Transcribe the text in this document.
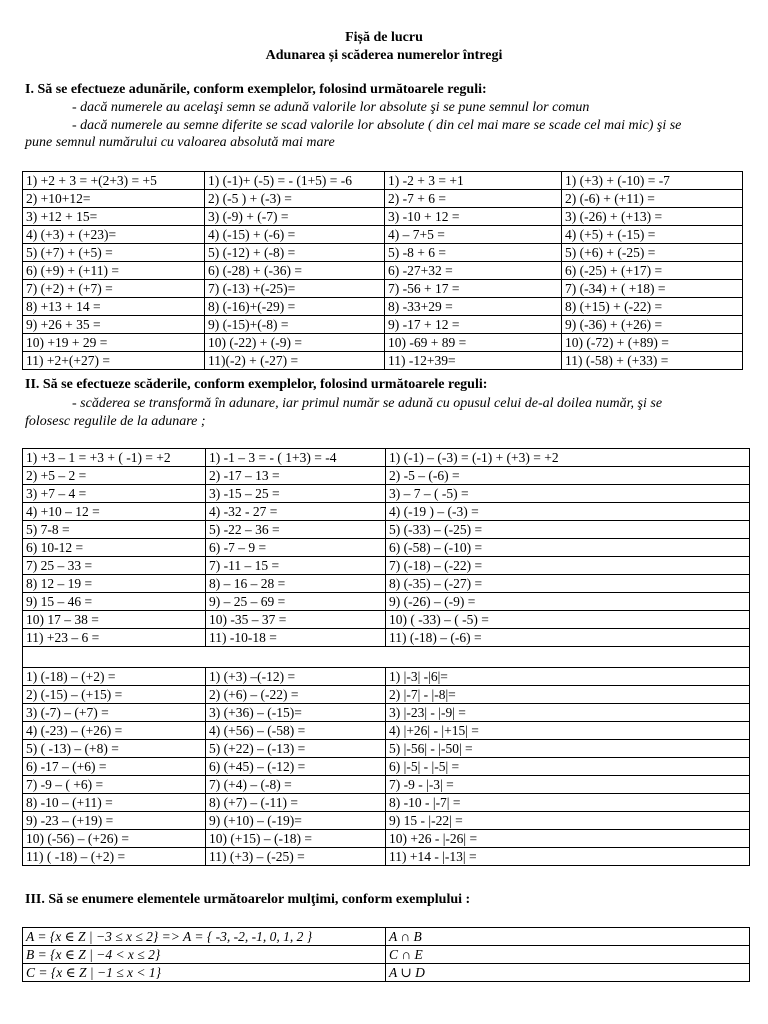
Fișă de lucru
Adunarea și scăderea numerelor întregi
I. Să se efectueze adunările, conform exemplelor, folosind următoarele reguli:
- dacă numerele au acelaşi semn se adună valorile lor absolute şi se pune semnul lor comun
- dacă numerele au semne diferite se scad valorile lor absolute ( din cel mai mare se scade cel mai mic) şi se
pune semnul numărului cu valoarea absolută mai mare
1) +2 + 3 = +(2+3) = +5	1) (-1)+ (-5) = - (1+5) = -6	1) -2 + 3 = +1	1) (+3) + (-10) = -7
2) +10+12=	2) (-5 ) + (-3) =	2) -7 + 6 =	2) (-6) + (+11) =
3) +12 + 15=	3) (-9) + (-7) =	3) -10 + 12 =	3) (-26) + (+13) =
4) (+3) + (+23)=	4) (-15) + (-6) =	4) – 7+5 =	4) (+5) + (-15) =
5) (+7) + (+5) =	5) (-12) + (-8) =	5) -8 + 6 =	5) (+6) + (-25) =
6) (+9) + (+11) =	6) (-28) + (-36) =	6) -27+32 =	6) (-25) + (+17) =
7) (+2) + (+7) =	7) (-13) +(-25)=	7) -56 + 17 =	7) (-34) + ( +18) =
8) +13 + 14 =	8) (-16)+(-29) =	8) -33+29 =	8) (+15) + (-22) =
9) +26 + 35 =	9) (-15)+(-8) =	9) -17 + 12 =	9) (-36) + (+26) =
10) +19 + 29 =	10) (-22) + (-9) =	10) -69 + 89 =	10) (-72) + (+89) =
11) +2+(+27) =	11)(-2) + (-27) =	11) -12+39=	11) (-58) + (+33) =
II. Să se efectueze scăderile, conform exemplelor, folosind următoarele reguli:
- scăderea se transformă în adunare, iar primul număr se adună cu opusul celui de-al doilea număr, şi se
folosesc regulile de la adunare ;
1) +3 – 1 = +3 + ( -1) = +2	1) -1 – 3 = - ( 1+3) = -4	1) (-1) – (-3) = (-1) + (+3) = +2
2) +5 – 2 =	2) -17 – 13 =	2) -5 – (-6) =
3) +7 – 4 =	3) -15 – 25 =	3) – 7 – ( -5) =
4) +10 – 12 =	4) -32 - 27 =	4) (-19 ) – (-3) =
5) 7-8 =	5) -22 – 36 =	5) (-33) – (-25) =
6) 10-12 =	6) -7 – 9 =	6) (-58) – (-10) =
7) 25 – 33 =	7) -11 – 15 =	7) (-18) – (-22) =
8) 12 – 19 =	8) – 16 – 28 =	8) (-35) – (-27) =
9) 15 – 46 =	9) – 25 – 69 =	9) (-26) – (-9) =
10) 17 – 38 =	10) -35 – 37 =	10) ( -33) – ( -5) =
11) +23 – 6 =	11) -10-18 =	11) (-18) – (-6) =

1) (-18) – (+2) =	1) (+3) –(-12) =	1) |-3| -|6|=
2) (-15) – (+15) =	2) (+6) – (-22) =	2) |-7| - |-8|=
3) (-7) – (+7) =	3) (+36) – (-15)=	3) |-23| - |-9| =
4) (-23) – (+26) =	4) (+56) – (-58) =	4) |+26| - |+15| =
5) ( -13) – (+8) =	5) (+22) – (-13) =	5) |-56| - |-50| =
6) -17 – (+6) =	6) (+45) – (-12) =	6) |-5| - |-5| =
7) -9 – ( +6) =	7) (+4) – (-8) =	7) -9 - |-3| =
8) -10 – (+11) =	8) (+7) – (-11) =	8) -10 - |-7| =
9) -23 – (+19) =	9) (+10) – (-19)=	9) 15 - |-22| =
10) (-56) – (+26) =	10) (+15) – (-18) =	10) +26 - |-26| =
11) ( -18) – (+2) =	11) (+3) – (-25) =	11) +14 - |-13| =
III. Să se enumere elementele următoarelor mulţimi, conform exemplului :
A = {x ∈ Z | −3 ≤ x ≤ 2} => A = { -3, -2, -1, 0, 1, 2 }	A ∩ B
B = {x ∈ Z | −4 < x ≤ 2}	C ∩ E
C = {x ∈ Z | −1 ≤ x < 1}	A ∪ D
